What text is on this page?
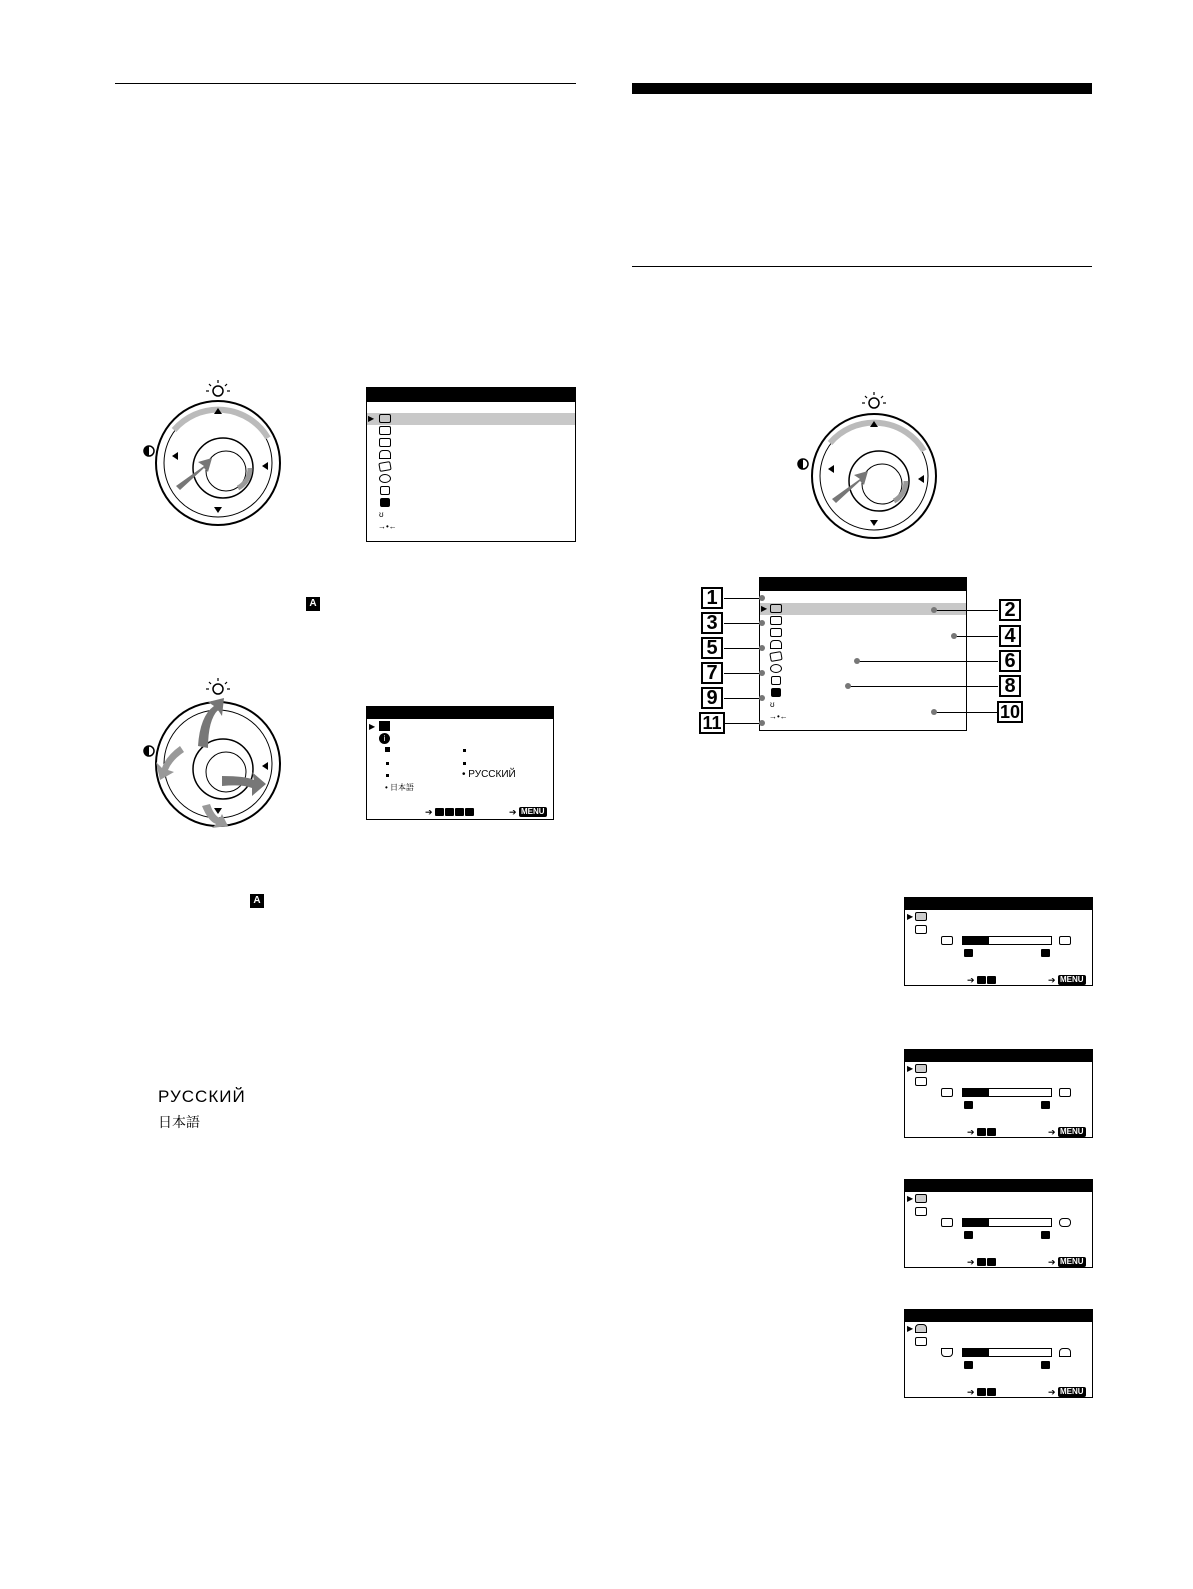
▶
ʊ
→•←
A
▶
i
• РУССКИЙ
• 日本語
➔	➔ MENU
A
РУССКИЙ
日本語
▶
ʊ
→•←
1
2
3
4
5
6
7
8
9
10
11
▶
➔	➔ MENU
▶
➔	➔ MENU
▶
➔	➔ MENU
▶
➔	➔ MENU
